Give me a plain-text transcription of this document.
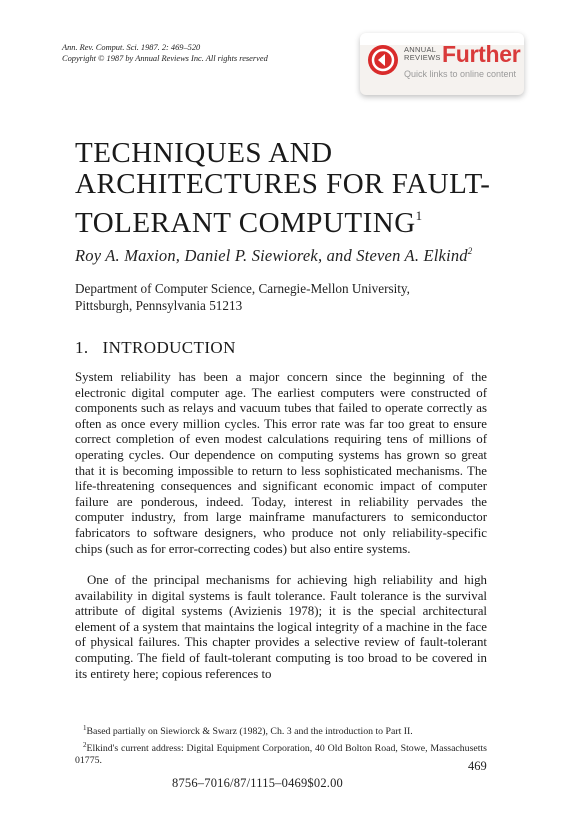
Ann. Rev. Comput. Sci. 1987. 2: 469–520
Copyright © 1987 by Annual Reviews Inc. All rights reserved
ANNUAL
REVIEWS Further
Quick links to online content
TECHNIQUES AND
ARCHITECTURES FOR FAULT-
TOLERANT COMPUTING$^1$
Roy A. Maxion, Daniel P. Siewiorek, and Steven A. Elkind$^2$
Department of Computer Science, Carnegie-Mellon University,
Pittsburgh, Pennsylvania 51213
1. INTRODUCTION

System reliability has been a major concern since the beginning of the electronic digital computer age. The earliest computers were constructed of components such as relays and vacuum tubes that failed to operate correctly as often as once every million cycles. This error rate was far too great to ensure correct completion of even modest calculations requiring tens of millions of operating cycles. Our dependence on computing systems has grown so great that it is becoming impossible to return to less sophisticated mechanisms. The life-threatening consequences and significant economic impact of computer failure are ponderous, indeed. Today, interest in reliability pervades the computer industry, from large mainframe manufacturers to semiconductor fabricators to software designers, who produce not only reliability-specific chips (such as for error-correcting codes) but also entire systems.

One of the principal mechanisms for achieving high reliability and high availability in digital systems is fault tolerance. Fault tolerance is the survival attribute of digital systems (Avizienis 1978); it is the special architectural element of a system that maintains the logical integrity of a machine in the face of physical failures. This chapter provides a selective review of fault-tolerant computing. The field of fault-tolerant computing is too broad to be covered in its entirety here; copious references to

$^1$Based partially on Siewiorck & Swarz (1982), Ch. 3 and the introduction to Part II.
$^2$Elkind's current address: Digital Equipment Corporation, 40 Old Bolton Road, Stowe, Massachusetts 01775.	469
8756–7016/87/1115–0469$02.00
